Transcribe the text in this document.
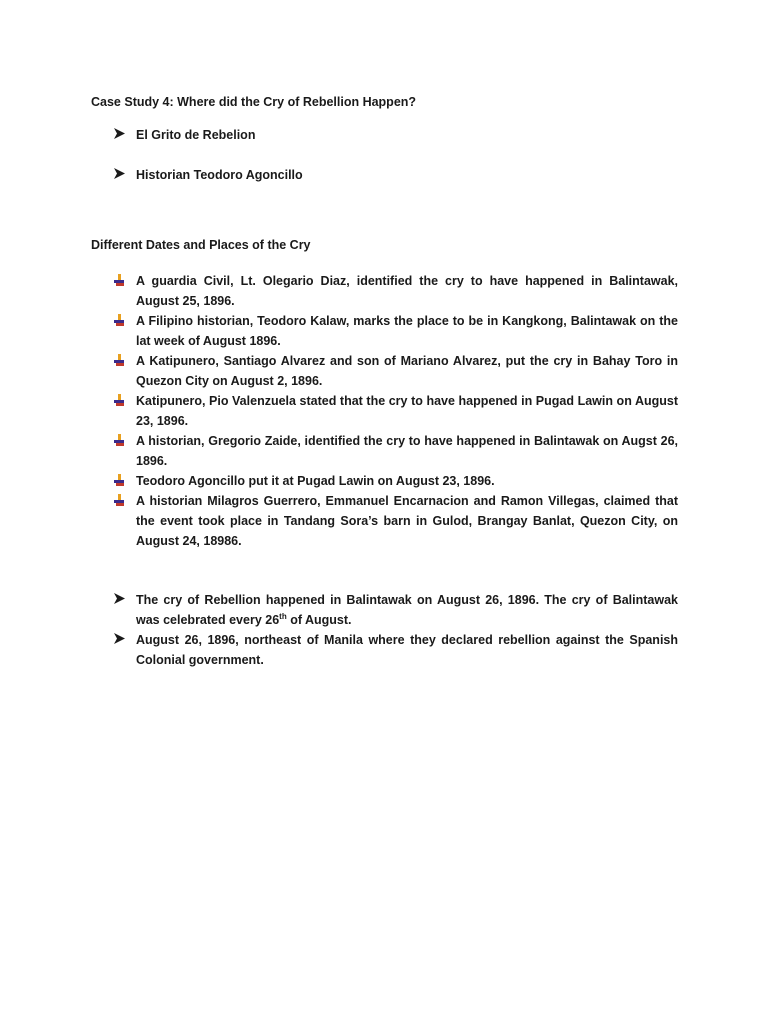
Case Study 4: Where did the Cry of Rebellion Happen?
El Grito de Rebelion
Historian Teodoro Agoncillo
Different Dates and Places of the Cry
A guardia Civil, Lt. Olegario Diaz, identified the cry to have happened in Balintawak, August 25, 1896.
A Filipino historian, Teodoro Kalaw, marks the place to be in Kangkong, Balintawak on the lat week of August 1896.
A Katipunero, Santiago Alvarez and son of Mariano Alvarez, put the cry in Bahay Toro in Quezon City on August 2, 1896.
Katipunero, Pio Valenzuela stated that the cry to have happened in Pugad Lawin on August 23, 1896.
A historian, Gregorio Zaide, identified the cry to have happened in Balintawak on Augst 26, 1896.
Teodoro Agoncillo put it at Pugad Lawin on August 23, 1896.
A historian Milagros Guerrero, Emmanuel Encarnacion and Ramon Villegas, claimed that the event took place in Tandang Sora’s barn in Gulod, Brangay Banlat, Quezon City, on August 24, 18986.
The cry of Rebellion happened in Balintawak on August 26, 1896. The cry of Balintawak was celebrated every 26th of August.
August 26, 1896, northeast of Manila where they declared rebellion against the Spanish Colonial government.
